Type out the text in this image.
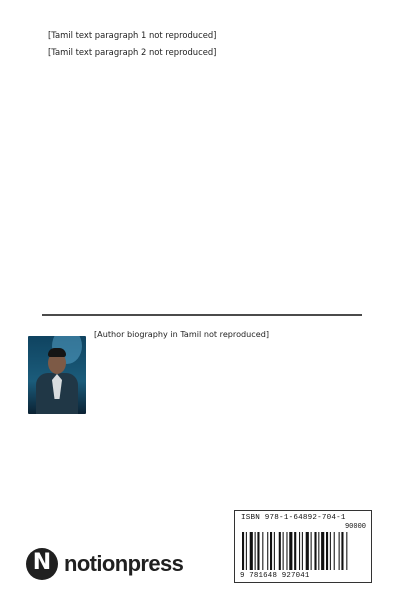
[Tamil text paragraph 1 not reproduced]

[Tamil text paragraph 2 not reproduced]

[Author biography in Tamil not reproduced]

N notionpress
ISBN 978-1-64892-704-1
90000
9 781648 927041
